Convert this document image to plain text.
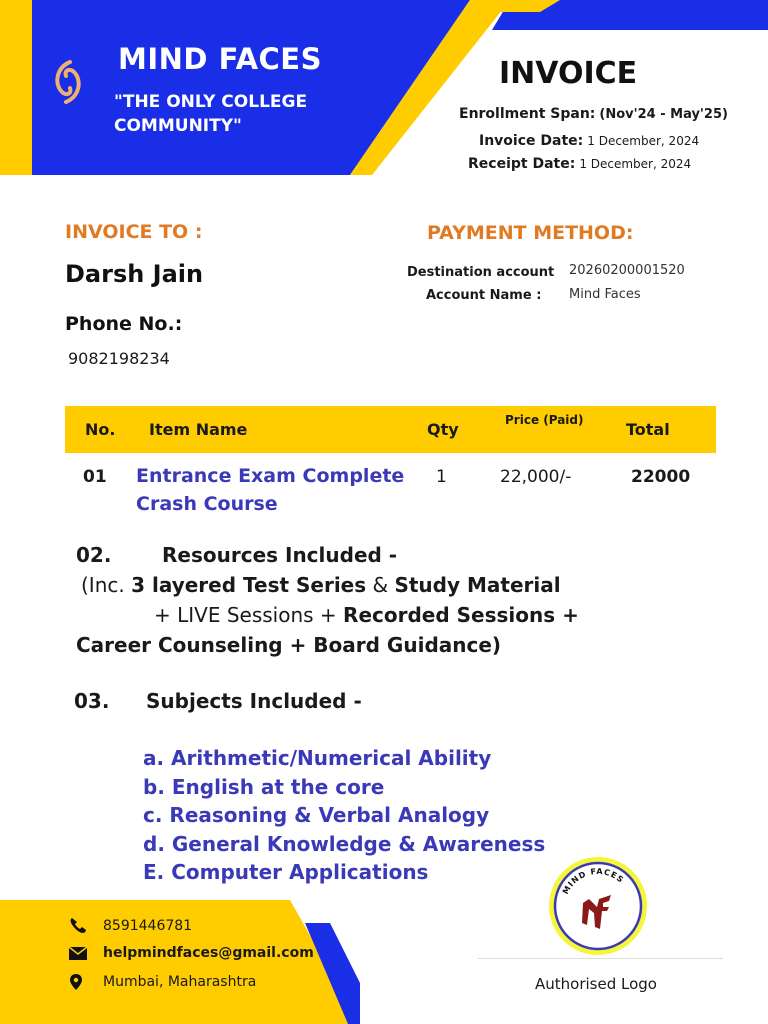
MIND FACES
"THE ONLY COLLEGE COMMUNITY"
INVOICE
Enrollment Span: (Nov'24 - May'25)
Invoice Date: 1 December, 2024
Receipt Date: 1 December, 2024
INVOICE TO :	PAYMENT METHOD:
Darsh Jain
Phone No.:
9082198234
Destination account 20260200001520
Account Name : Mind Faces
No. Item Name	Qty	Price (Paid)	Total
01 Entrance Exam Complete Crash Course
1	22,000/-	22000
02.	Resources Included -
(Inc. 3 layered Test Series & Study Material
+ LIVE Sessions + Recorded Sessions +
Career Counseling + Board Guidance)
03. Subjects Included -
a. Arithmetic/Numerical Ability
b. English at the core
c. Reasoning & Verbal Analogy
d. General Knowledge & Awareness
E. Computer Applications
8591446781
helpmindfaces@gmail.com
Mumbai, Maharashtra
MIND FACES
Authorised Logo
